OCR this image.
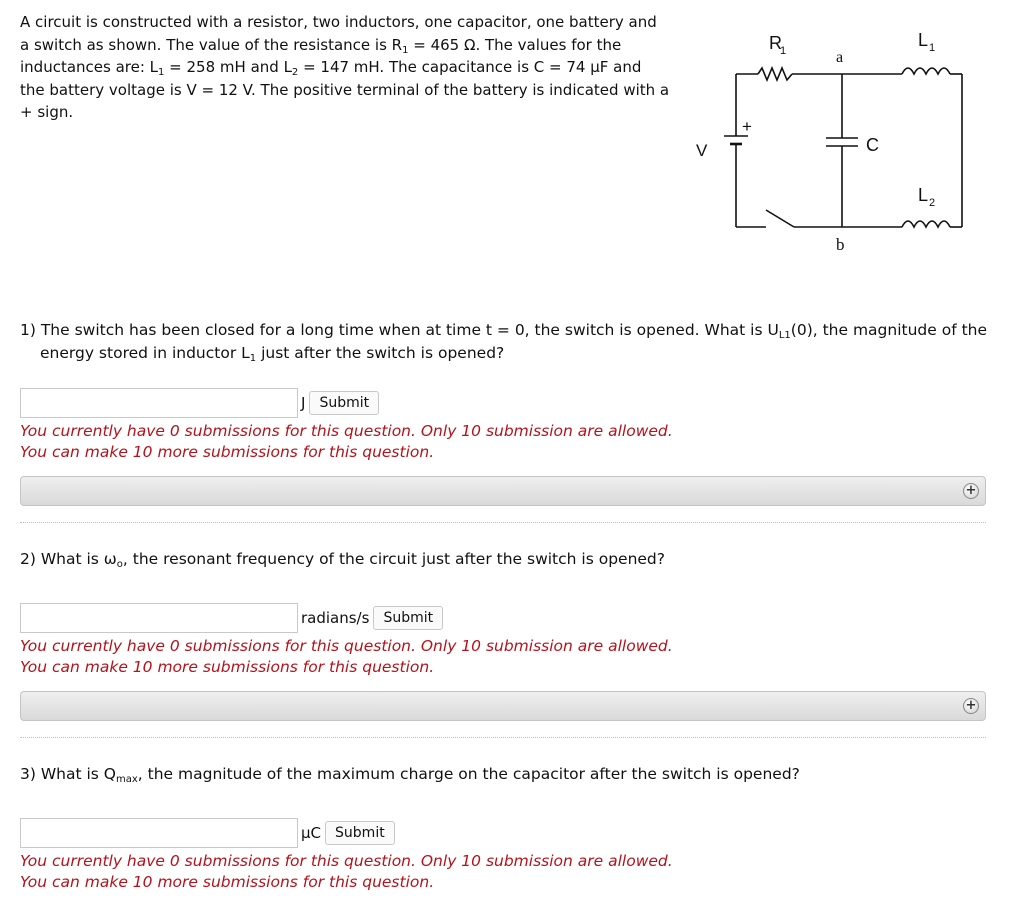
A circuit is constructed with a resistor, two inductors, one capacitor, one battery and a switch as shown. The value of the resistance is $R_1 = 465$ Ω. The values for the inductances are: $L_1 = 258$ mH and $L_2 = 147$ mH. The capacitance is C = 74 µF and the battery voltage is V = 12 V. The positive terminal of the battery is indicated with a + sign.
R
1	a
L 1
L 2
b
V
+
C
1) The switch has been closed for a long time when at time t = 0, the switch is opened. What is $U_{L1}(0)$, the magnitude of the energy stored in inductor $L_1$ just after the switch is opened?
J	Submit
You currently have 0 submissions for this question. Only 10 submission are allowed.
You can make 10 more submissions for this question.
+
2) What is $\omega_o$, the resonant frequency of the circuit just after the switch is opened?
radians/s	Submit
You currently have 0 submissions for this question. Only 10 submission are allowed.
You can make 10 more submissions for this question.
+
3) What is $Q_{max}$, the magnitude of the maximum charge on the capacitor after the switch is opened?
µC	Submit
You currently have 0 submissions for this question. Only 10 submission are allowed.
You can make 10 more submissions for this question.
